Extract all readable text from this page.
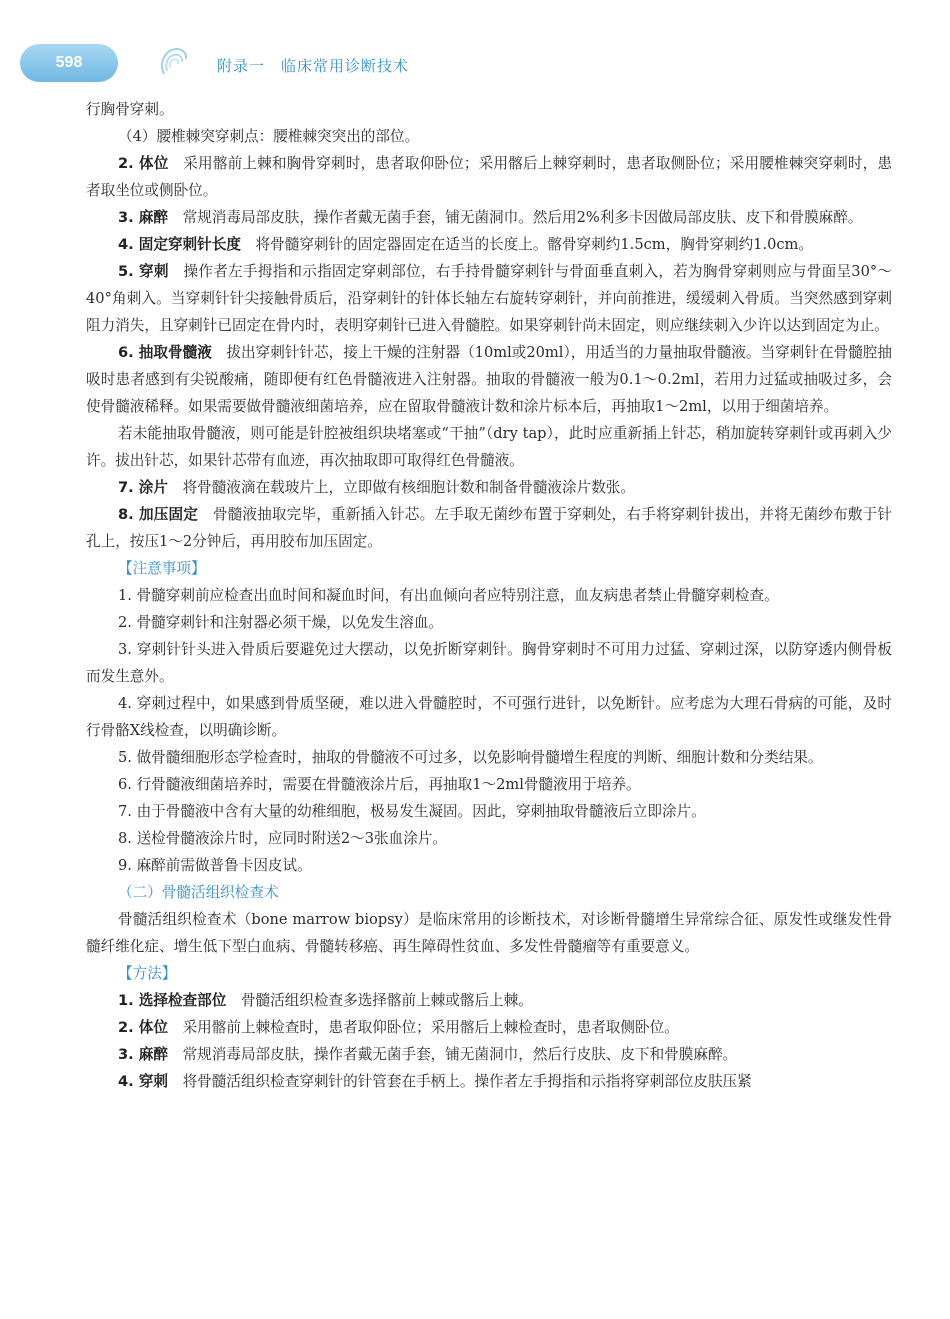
598	附录一　临床常用诊断技术

行胸骨穿刺。

（4）腰椎棘突穿刺点：腰椎棘突突出的部位。

2. 体位　 采用髂前上棘和胸骨穿刺时，患者取仰卧位；采用髂后上棘穿刺时，患者取侧卧位；采用腰椎棘突穿刺时，患者取坐位或侧卧位。

3. 麻醉　 常规消毒局部皮肤，操作者戴无菌手套，铺无菌洞巾。然后用2%利多卡因做局部皮肤、皮下和骨膜麻醉。

4. 固定穿刺针长度　 将骨髓穿刺针的固定器固定在适当的长度上。髂骨穿刺约1.5cm，胸骨穿刺约1.0cm。

5. 穿刺　 操作者左手拇指和示指固定穿刺部位，右手持骨髓穿刺针与骨面垂直刺入，若为胸骨穿刺则应与骨面呈30°～40°角刺入。当穿刺针针尖接触骨质后，沿穿刺针的针体长轴左右旋转穿刺针，并向前推进，缓缓刺入骨质。当突然感到穿刺阻力消失，且穿刺针已固定在骨内时，表明穿刺针已进入骨髓腔。如果穿刺针尚未固定，则应继续刺入少许以达到固定为止。

6. 抽取骨髓液　 拔出穿刺针针芯，接上干燥的注射器（10ml或20ml），用适当的力量抽取骨髓液。当穿刺针在骨髓腔抽吸时患者感到有尖锐酸痛，随即便有红色骨髓液进入注射器。抽取的骨髓液一般为0.1～0.2ml，若用力过猛或抽吸过多，会使骨髓液稀释。如果需要做骨髓液细菌培养，应在留取骨髓液计数和涂片标本后，再抽取1～2ml，以用于细菌培养。

若未能抽取骨髓液，则可能是针腔被组织块堵塞或“干抽”（dry tap），此时应重新插上针芯，稍加旋转穿刺针或再刺入少许。拔出针芯，如果针芯带有血迹，再次抽取即可取得红色骨髓液。

7. 涂片　 将骨髓液滴在载玻片上，立即做有核细胞计数和制备骨髓液涂片数张。

8. 加压固定　 骨髓液抽取完毕，重新插入针芯。左手取无菌纱布置于穿刺处，右手将穿刺针拔出，并将无菌纱布敷于针孔上，按压1～2分钟后，再用胶布加压固定。

【注意事项】

1. 骨髓穿刺前应检查出血时间和凝血时间，有出血倾向者应特别注意，血友病患者禁止骨髓穿刺检查。

2. 骨髓穿刺针和注射器必须干燥，以免发生溶血。

3. 穿刺针针头进入骨质后要避免过大摆动，以免折断穿刺针。胸骨穿刺时不可用力过猛、穿刺过深，以防穿透内侧骨板而发生意外。

4. 穿刺过程中，如果感到骨质坚硬，难以进入骨髓腔时，不可强行进针，以免断针。应考虑为大理石骨病的可能，及时行骨骼X线检查，以明确诊断。

5. 做骨髓细胞形态学检查时，抽取的骨髓液不可过多，以免影响骨髓增生程度的判断、细胞计数和分类结果。

6. 行骨髓液细菌培养时，需要在骨髓液涂片后，再抽取1～2ml骨髓液用于培养。

7. 由于骨髓液中含有大量的幼稚细胞，极易发生凝固。因此，穿刺抽取骨髓液后立即涂片。

8. 送检骨髓液涂片时，应同时附送2～3张血涂片。

9. 麻醉前需做普鲁卡因皮试。

（二）骨髓活组织检查术

骨髓活组织检查术（bone marrow biopsy）是临床常用的诊断技术，对诊断骨髓增生异常综合征、原发性或继发性骨髓纤维化症、增生低下型白血病、骨髓转移癌、再生障碍性贫血、多发性骨髓瘤等有重要意义。

【方法】

1. 选择检查部位　 骨髓活组织检查多选择髂前上棘或髂后上棘。

2. 体位　 采用髂前上棘检查时，患者取仰卧位；采用髂后上棘检查时，患者取侧卧位。

3. 麻醉　 常规消毒局部皮肤，操作者戴无菌手套，铺无菌洞巾，然后行皮肤、皮下和骨膜麻醉。

4. 穿刺　 将骨髓活组织检查穿刺针的针管套在手柄上。操作者左手拇指和示指将穿刺部位皮肤压紧
